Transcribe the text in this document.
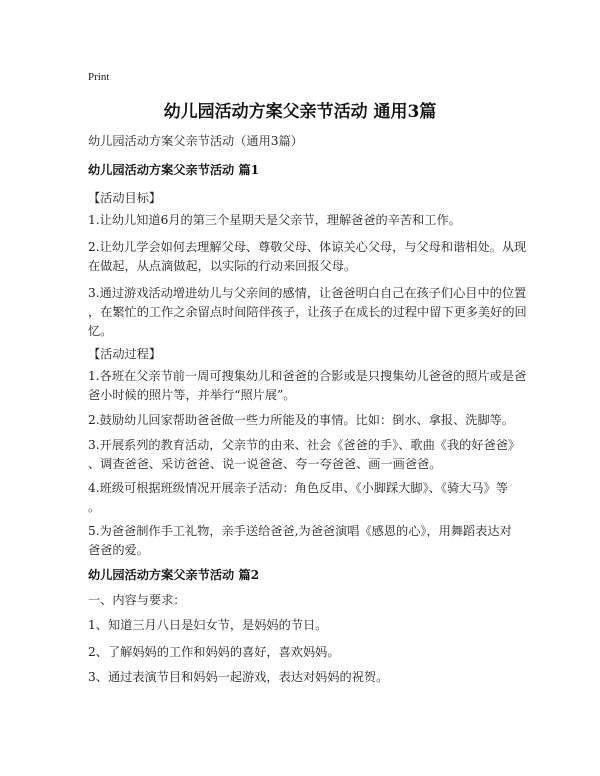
Print
幼儿园活动方案父亲节活动 通用3篇
幼儿园活动方案父亲节活动（通用3篇）
幼儿园活动方案父亲节活动 篇1
【活动目标】
1.让幼儿知道6月的第三个星期天是父亲节，理解爸爸的辛苦和工作。
2.让幼儿学会如何去理解父母、尊敬父母、体谅关心父母，与父母和谐相处。从现
在做起，从点滴做起，以实际的行动来回报父母。
3.通过游戏活动增进幼儿与父亲间的感情，让爸爸明白自己在孩子们心目中的位置
，在繁忙的工作之余留点时间陪伴孩子，让孩子在成长的过程中留下更多美好的回
忆。
【活动过程】
1.各班在父亲节前一周可搜集幼儿和爸爸的合影或是只搜集幼儿爸爸的照片或是爸
爸小时候的照片等，并举行“照片展”。
2.鼓励幼儿回家帮助爸爸做一些力所能及的事情。比如：倒水、拿报、洗脚等。
3.开展系列的教育活动，父亲节的由来、社会《爸爸的手》、歌曲《我的好爸爸》
、调查爸爸、采访爸爸、说一说爸爸、夸一夸爸爸、画一画爸爸。
4.班级可根据班级情况开展亲子活动：角色反串、《小脚踩大脚》、《骑大马》等
。
5.为爸爸制作手工礼物，亲手送给爸爸,为爸爸演唱《感恩的心》，用舞蹈表达对
爸爸的爱。
幼儿园活动方案父亲节活动 篇2
一、内容与要求：
1、知道三月八日是妇女节，是妈妈的节日。
2、了解妈妈的工作和妈妈的喜好，喜欢妈妈。
3、通过表演节目和妈妈一起游戏，表达对妈妈的祝贺。
